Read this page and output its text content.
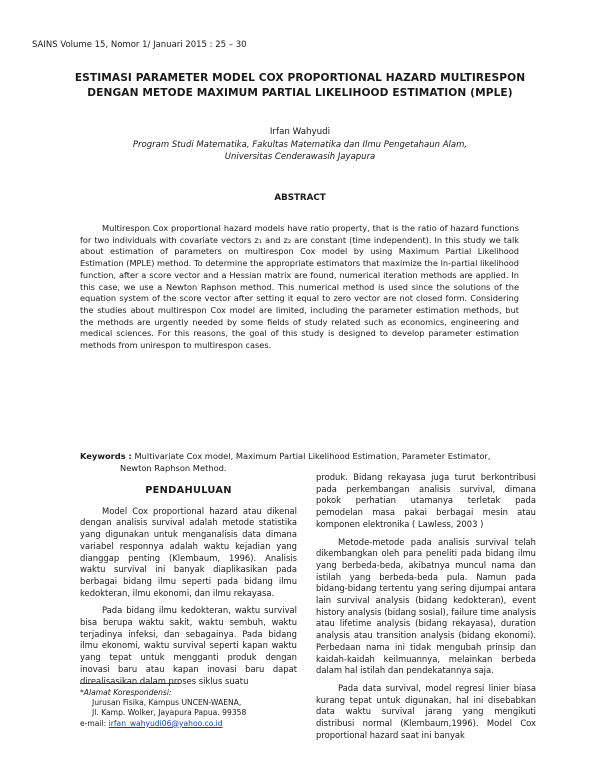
SAINS Volume 15, Nomor 1/ Januari 2015 : 25 – 30
ESTIMASI PARAMETER MODEL COX PROPORTIONAL HAZARD MULTIRESPON
DENGAN METODE MAXIMUM PARTIAL LIKELIHOOD ESTIMATION (MPLE)
Irfan Wahyudi
Program Studi Matematika, Fakultas Matematika dan Ilmu Pengetahaun Alam,
Universitas Cenderawasih Jayapura
ABSTRACT

Multirespon Cox proportional hazard models have ratio property, that is the ratio of hazard functions for two individuals with covariate vectors z₁ and z₂ are constant (time independent). In this study we talk about estimation of parameters on multirespon Cox model by using Maximum Partial Likelihood Estimation (MPLE) method. To determine the appropriate estimators that maximize the ln-partial likelihood function, after a score vector and a Hessian matrix are found, numerical iteration methods are applied. In this case, we use a Newton Raphson method. This numerical method is used since the solutions of the equation system of the score vector after setting it equal to zero vector are not closed form. Considering the studies about multirespon Cox model are limited, including the parameter estimation methods, but the methods are urgently needed by some fields of study related such as economics, engineering and medical sciences. For this reasons, the goal of this study is designed to develop parameter estimation methods from unirespon to multirespon cases.

Keywords : Multivariate Cox model, Maximum Partial Likelihood Estimation, Parameter Estimator,
Newton Raphson Method.
PENDAHULUAN

Model Cox proportional hazard atau dikenal dengan analisis survival adalah metode statistika yang digunakan untuk menganalisis data dimana variabel responnya adalah waktu kejadian yang dianggap penting (Klembaum, 1996). Analisis waktu survival ini banyak diaplikasikan pada berbagai bidang ilmu seperti pada bidang ilmu kedokteran, ilmu ekonomi, dan ilmu rekayasa.

Pada bidang ilmu kedokteran, waktu survival bisa berupa waktu sakit, waktu sembuh, waktu terjadinya infeksi, dan sebagainya. Pada bidang ilmu ekonomi, waktu survival seperti kapan waktu yang tepat untuk mengganti produk dengan inovasi baru atau kapan inovasi baru dapat direalisasikan dalam proses siklus suatu

produk. Bidang rekayasa juga turut berkontribusi pada perkembangan analisis survival, dimana pokok perhatian utamanya terletak pada pemodelan masa pakai berbagai mesin atau komponen elektronika ( Lawless, 2003 )

Metode-metode pada analisis survival telah dikembangkan oleh para peneliti pada bidang ilmu yang berbeda-beda, akibatnya muncul nama dan istilah yang berbeda-beda pula. Namun pada bidang-bidang tertentu yang sering dijumpai antara lain survival analysis (bidang kedokteran), event history analysis (bidang sosial), failure time analysis atau lifetime analysis (bidang rekayasa), duration analysis atau transition analysis (bidang ekonomi). Perbedaan nama ini tidak mengubah prinsip dan kaidah-kaidah keilmuannya, melainkan berbeda dalam hal istilah dan pendekatannya saja.

Pada data survival, model regresi linier biasa kurang tepat untuk digunakan, hal ini disebabkan data waktu survival jarang yang mengikuti distribusi normal (Klembaum,1996). Model Cox proportional hazard saat ini banyak

*Alamat Korespondensi:
Jurusan Fisika, Kampus UNCEN-WAENA,
Jl. Kamp. Wolker, Jayapura Papua. 99358
e-mail: irfan_wahyudi06@yahoo.co.id
